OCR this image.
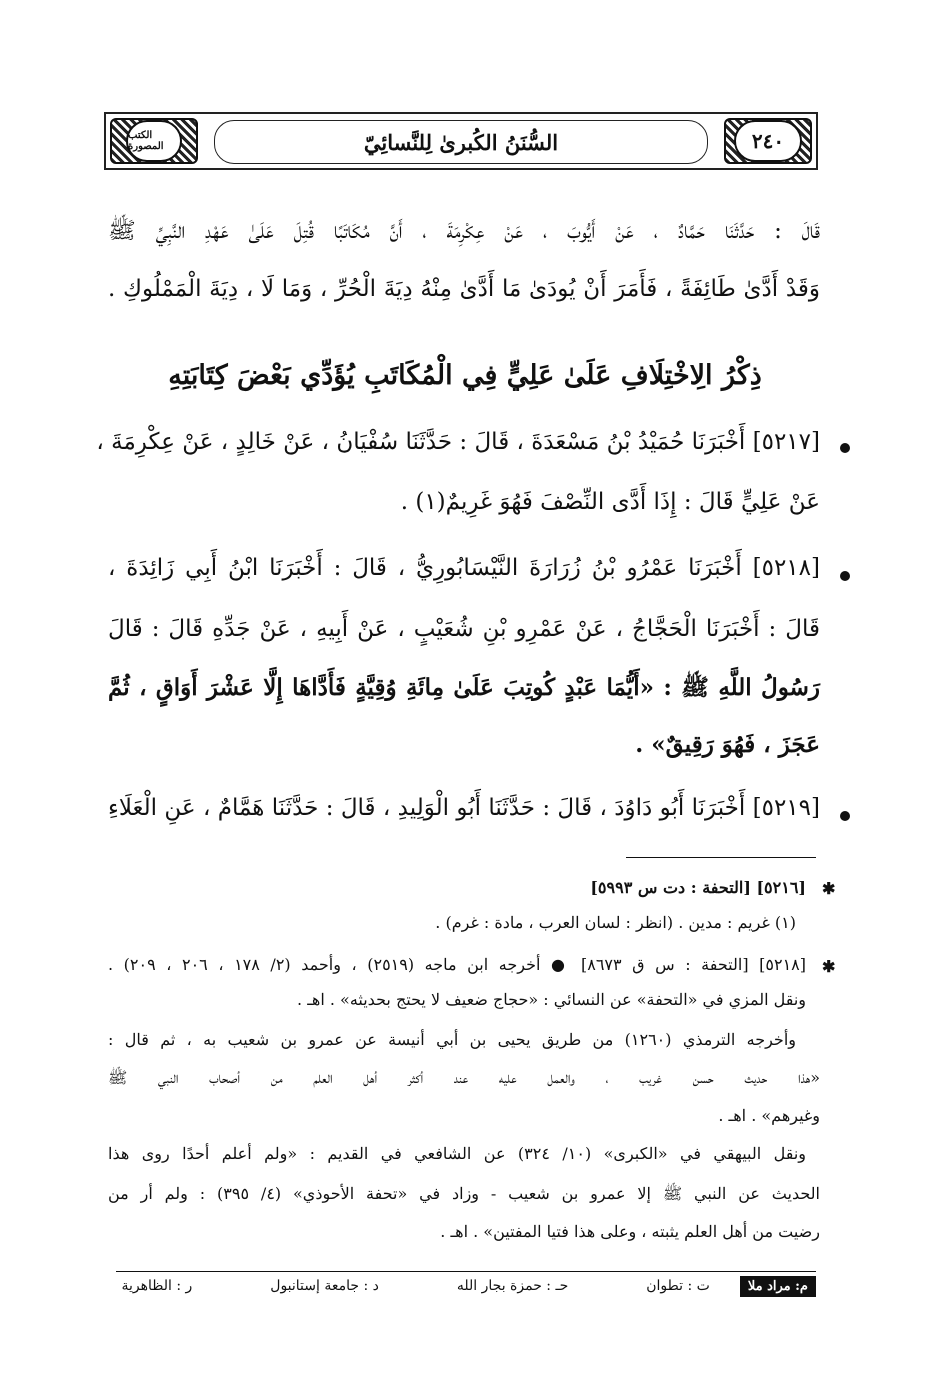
الكتب المصورة	السُّنَنُ الكُبرىٰ لِلنَّسائِيّ	٢٤٠
قَالَ : حَدَّثَنَا حَمَّادٌ ، عَنْ أَيُّوبَ ، عَنْ عِكْرِمَةَ ، أَنَّ مُكَاتَبًا قُتِلَ عَلَىٰ عَهْدِ النَّبِيِّ ﷺ
وَقَدْ أَدَّىٰ طَائِفَةً ، فَأَمَرَ أَنْ يُودَىٰ مَا أَدَّىٰ مِنْهُ دِيَةَ الْحُرِّ ، وَمَا لَا ، دِيَةَ الْمَمْلُوكِ .
ذِكْرُ الِاخْتِلَافِ عَلَىٰ عَلِيٍّ فِي الْمُكَاتَبِ يُؤَدِّي بَعْضَ كِتَابَتِهِ
[٥٢١٧] أَخْبَرَنَا حُمَيْدُ بْنُ مَسْعَدَةَ ، قَالَ : حَدَّثَنَا سُفْيَانُ ، عَنْ خَالِدٍ ، عَنْ عِكْرِمَةَ ،
عَنْ عَلِيٍّ قَالَ : إِذَا أَدَّى النِّصْفَ فَهُوَ غَرِيمٌ(١) .
[٥٢١٨] أَخْبَرَنَا عَمْرُو بْنُ زُرَارَةَ النَّيْسَابُورِيُّ ، قَالَ : أَخْبَرَنَا ابْنُ أَبِي زَائِدَةَ ،
قَالَ : أَخْبَرَنَا الْحَجَّاجُ ، عَنْ عَمْرِو بْنِ شُعَيْبٍ ، عَنْ أَبِيهِ ، عَنْ جَدِّهِ قَالَ : قَالَ
رَسُولُ اللَّهِ ﷺ : «أَيُّمَا عَبْدٍ كُوتِبَ عَلَىٰ مِائَةِ وُقِيَّةٍ فَأَدَّاهَا إِلَّا عَشْرَ أَوَاقٍ ، ثُمَّ
عَجَزَ ، فَهُوَ رَقِيقٌ» .
[٥٢١٩] أَخْبَرَنَا أَبُو دَاوُدَ ، قَالَ : حَدَّثَنَا أَبُو الْوَلِيدِ ، قَالَ : حَدَّثَنَا هَمَّامٌ ، عَنِ الْعَلَاءِ
✱
[٥٢١٦] [التحفة : دت س ٥٩٩٣]
(١) غريم : مدين . (انظر : لسان العرب ، مادة : غرم) .
✱
[٥٢١٨] [التحفة : س ق ٨٦٧٣] ● أخرجه ابن ماجه (٢٥١٩) ، وأحمد (٢/ ١٧٨ ، ٢٠٦ ، ٢٠٩) .
ونقل المزي في «التحفة» عن النسائي : «حجاج ضعيف لا يحتج بحديثه» . اهـ .
وأخرجه الترمذي (١٢٦٠) من طريق يحيى بن أبي أنيسة عن عمرو بن شعيب به ، ثم قال :
«هذا حديث حسن غريب ، والعمل عليه عند أكثر أهل العلم من أصحاب النبي ﷺ
وغيرهم» . اهـ .
ونقل البيهقي في «الكبرى» (١٠/ ٣٢٤) عن الشافعي في القديم : «ولم أعلم أحدًا روى هذا
الحديث عن النبي ﷺ إلا عمرو بن شعيب - وزاد في «تحفة الأحوذي» (٤/ ٣٩٥) : ولم أر من
رضيت من أهل العلم يثبته ، وعلى هذا فتيا المفتين» . اهـ .
م: مراد ملا
ت : تطوان
حـ : حمزة بجار الله
د : جامعة إستانبول
ر : الظاهرية
